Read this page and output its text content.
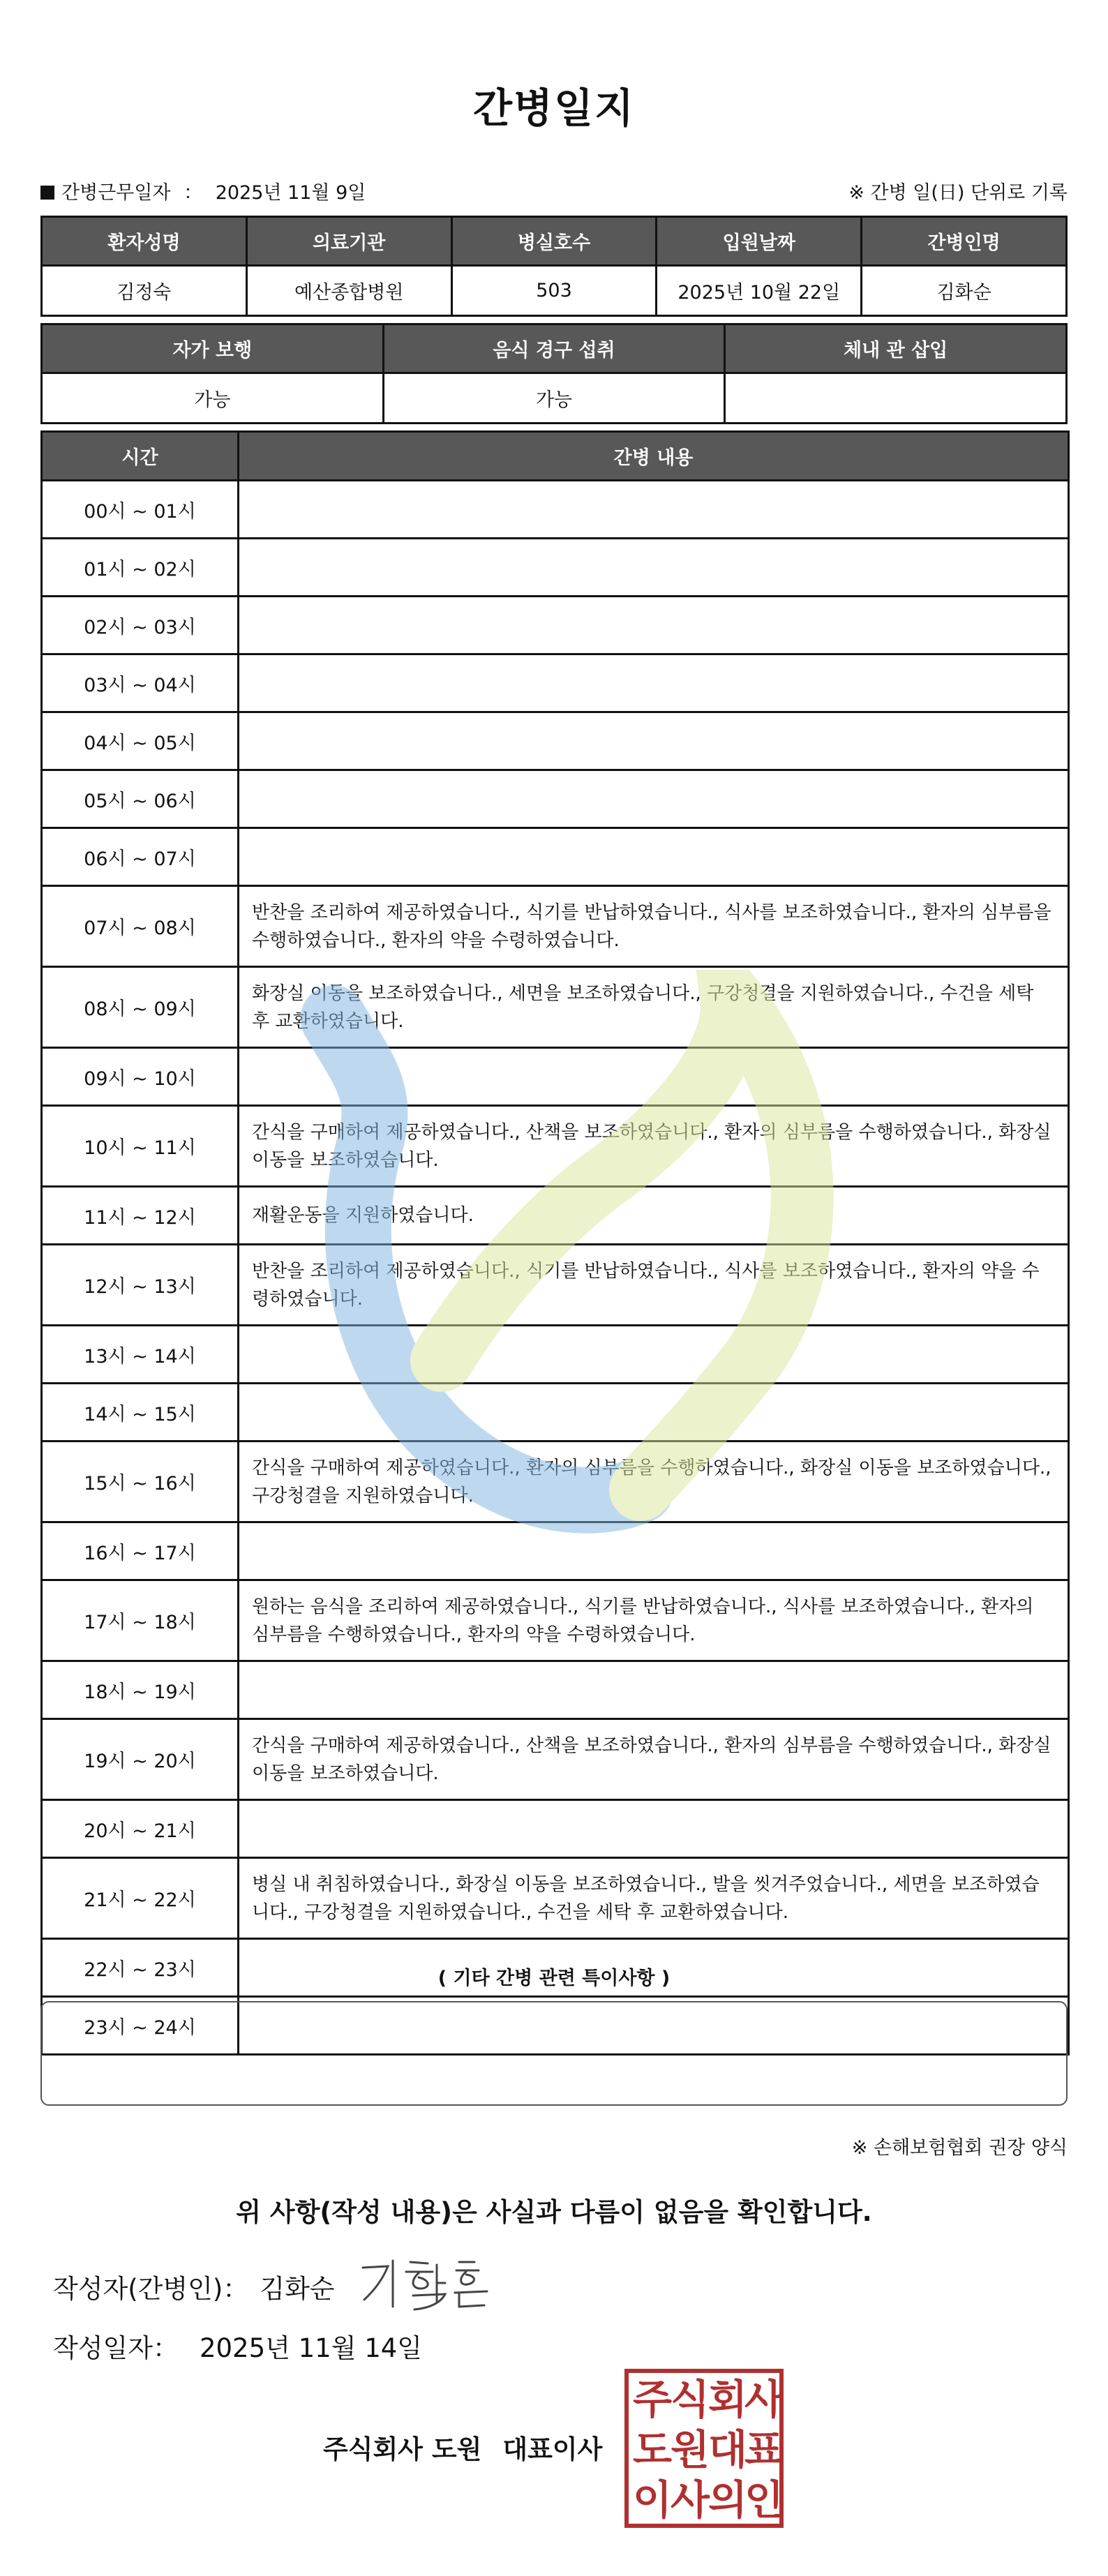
간병일지
간병근무일자 ： 2025년 11월 9일	※ 간병 일(日) 단위로 기록
환자성명	의료기관	병실호수	입원날짜	간병인명
김정숙	예산종합병원	503	2025년 10월 22일	김화순
자가 보행	음식 경구 섭취	체내 관 삽입
가능	가능	
시간	간병 내용
00시 ~ 01시	
01시 ~ 02시	
02시 ~ 03시	
03시 ~ 04시	
04시 ~ 05시	
05시 ~ 06시	
06시 ~ 07시	
07시 ~ 08시	반찬을 조리하여 제공하였습니다., 식기를 반납하였습니다., 식사를 보조하였습니다., 환자의 심부름을 수행하였습니다., 환자의 약을 수령하였습니다.
08시 ~ 09시	화장실 이동을 보조하였습니다., 세면을 보조하였습니다., 구강청결을 지원하였습니다., 수건을 세탁 후 교환하였습니다.
09시 ~ 10시	
10시 ~ 11시	간식을 구매하여 제공하였습니다., 산책을 보조하였습니다., 환자의 심부름을 수행하였습니다., 화장실 이동을 보조하였습니다.
11시 ~ 12시	재활운동을 지원하였습니다.
12시 ~ 13시	반찬을 조리하여 제공하였습니다., 식기를 반납하였습니다., 식사를 보조하였습니다., 환자의 약을 수령하였습니다.
13시 ~ 14시	
14시 ~ 15시	
15시 ~ 16시	간식을 구매하여 제공하였습니다., 환자의 심부름을 수행하였습니다., 화장실 이동을 보조하였습니다., 구강청결을 지원하였습니다.
16시 ~ 17시	
17시 ~ 18시	원하는 음식을 조리하여 제공하였습니다., 식기를 반납하였습니다., 식사를 보조하였습니다., 환자의 심부름을 수행하였습니다., 환자의 약을 수령하였습니다.
18시 ~ 19시	
19시 ~ 20시	간식을 구매하여 제공하였습니다., 산책을 보조하였습니다., 환자의 심부름을 수행하였습니다., 화장실 이동을 보조하였습니다.
20시 ~ 21시	
21시 ~ 22시	병실 내 취침하였습니다., 화장실 이동을 보조하였습니다., 발을 씻겨주었습니다., 세면을 보조하였습니다., 구강청결을 지원하였습니다., 수건을 세탁 후 교환하였습니다.
22시 ~ 23시	
23시 ~ 24시	
( 기타 간병 관련 특이사항 )
※ 손해보험협회 권장 양식
위 사항(작성 내용)은 사실과 다름이 없음을 확인합니다.
작성자(간병인)： 김화순
작성일자： 2025년 11월 14일
주식회사 도원 대표이사
주
식
회
사
도
원
대
표
이
사
의
인
